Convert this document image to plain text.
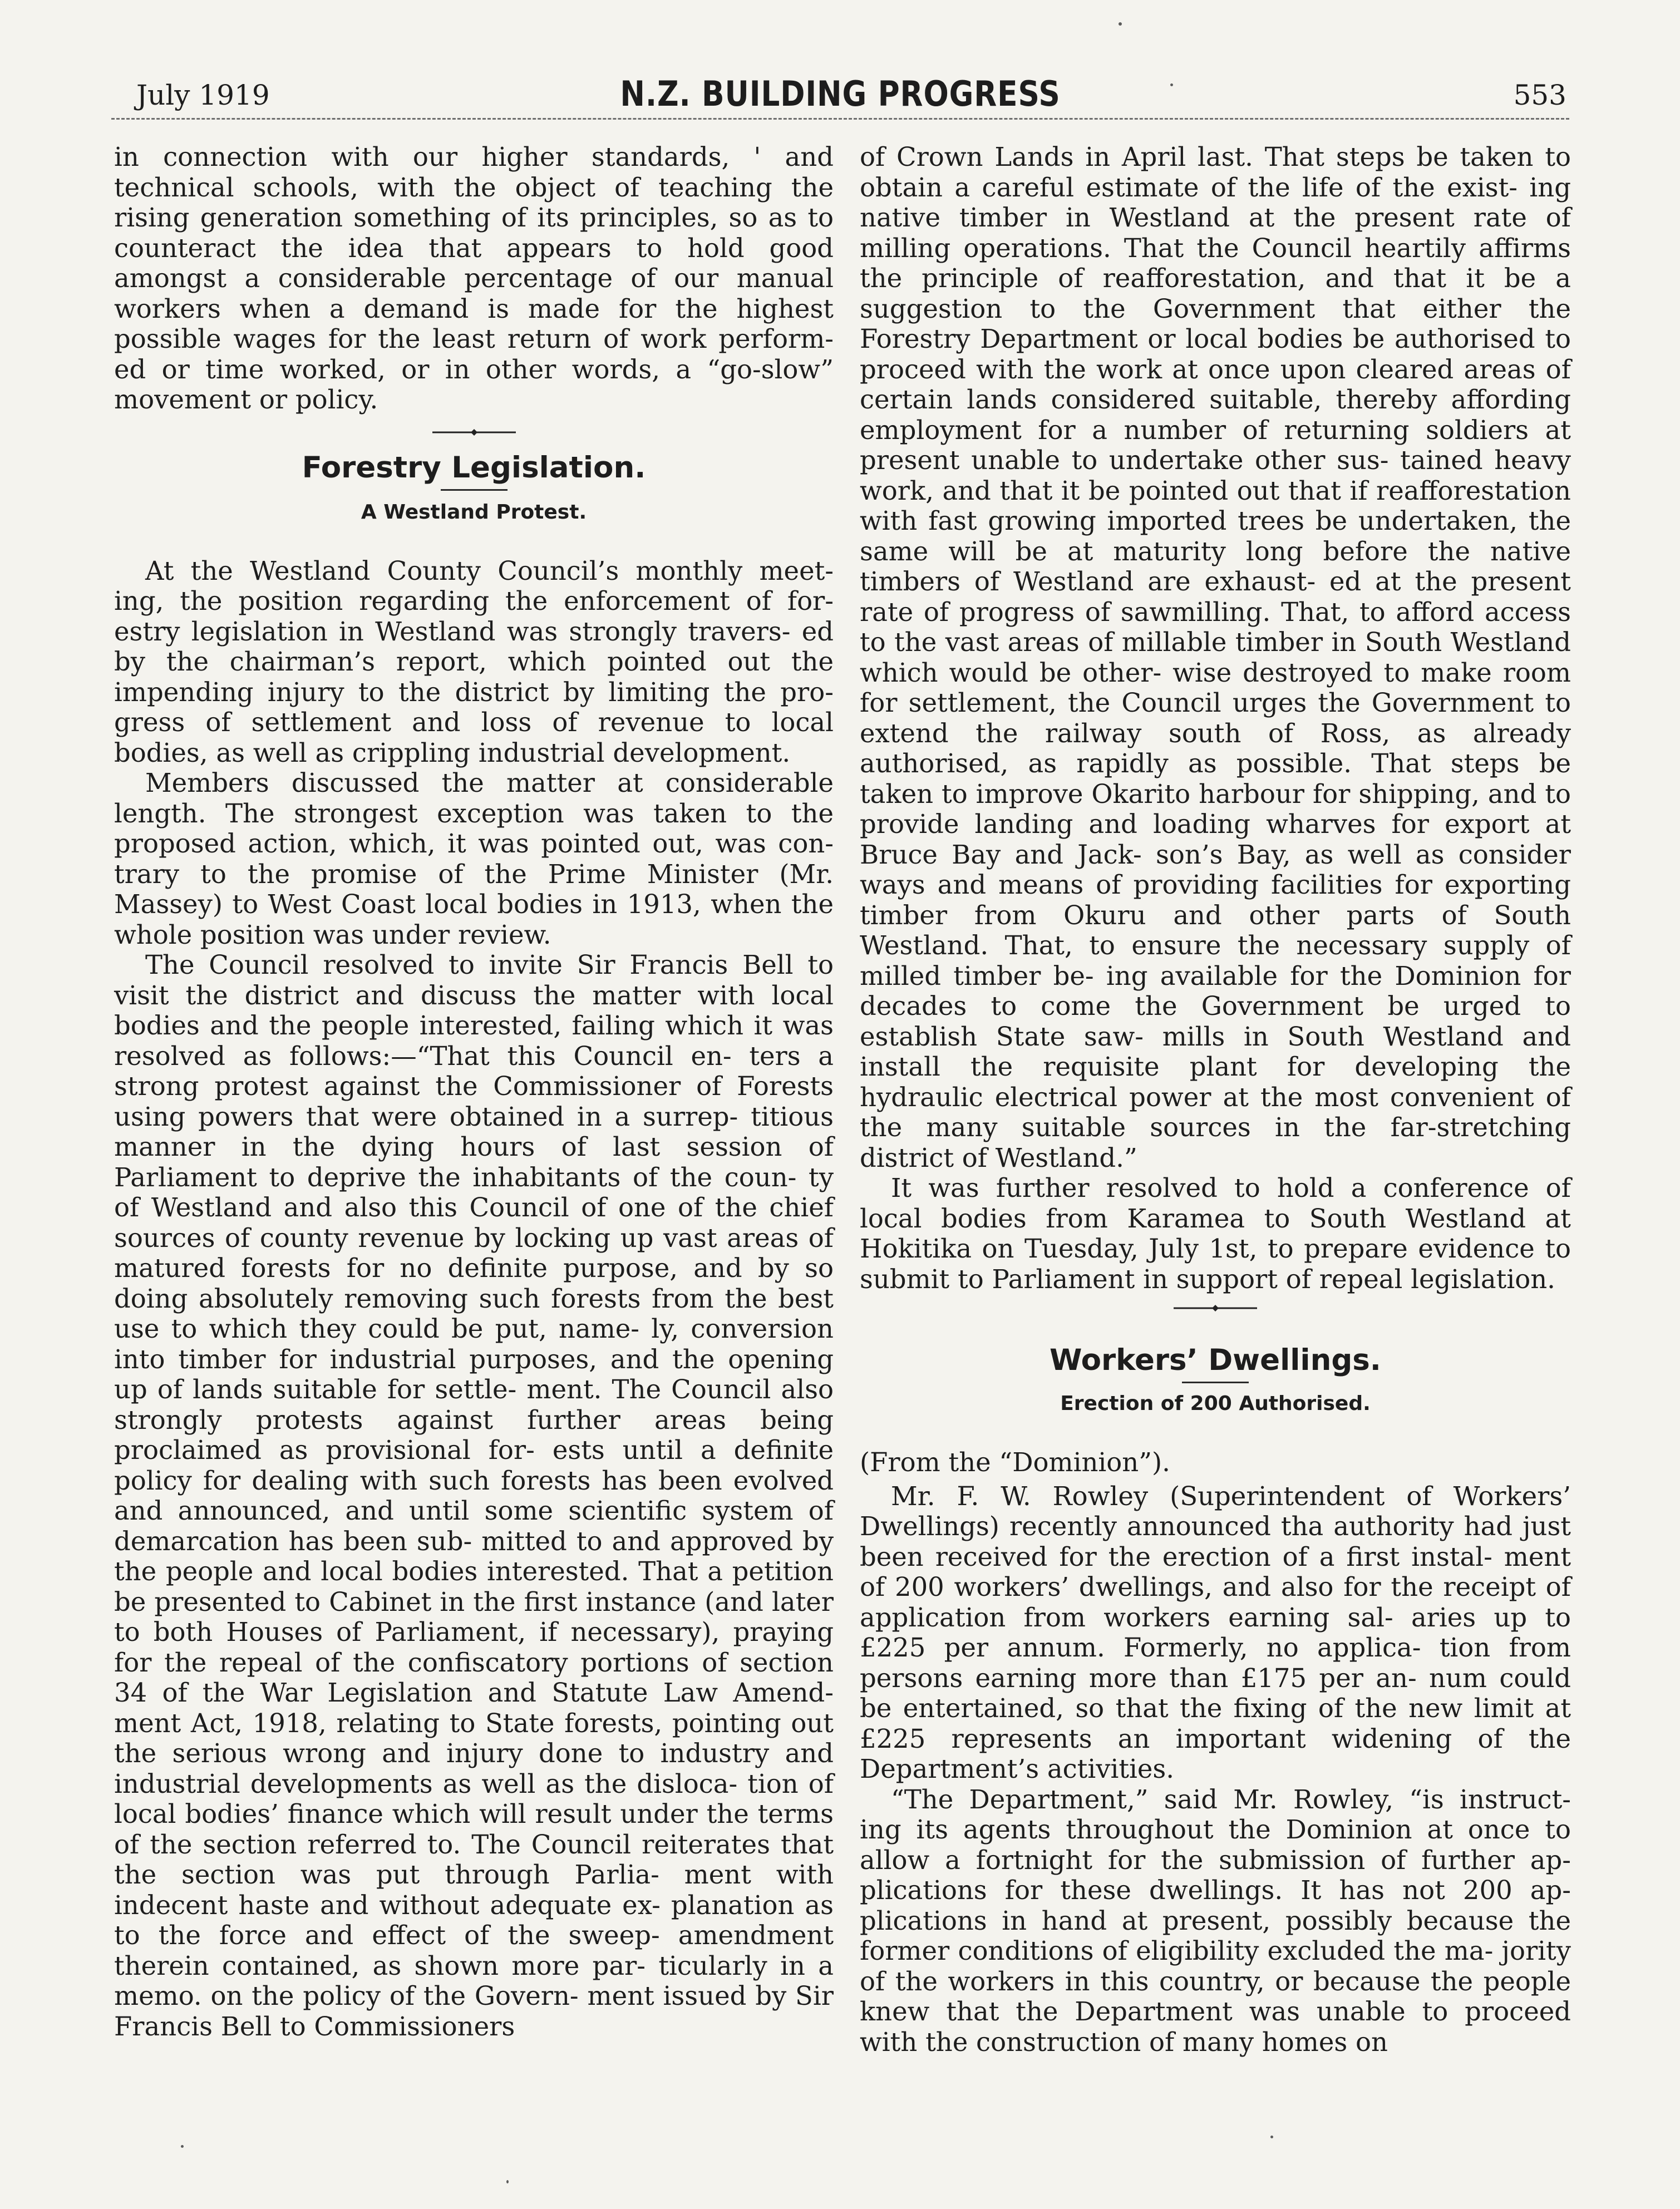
July 1919	N.Z. BUILDING PROGRESS	553

in connection with our higher standards, ' and technical schools, with the object of teaching the rising generation something of its principles, so as to counteract the idea that appears to hold good amongst a considerable percentage of our manual workers when a demand is made for the highest possible wages for the least return of work perform- ed or time worked, or in other words, a “go-slow” movement or policy.

Forestry Legislation.
A Westland Protest.

At the Westland County Council’s monthly meet- ing, the position regarding the enforcement of for- estry legislation in Westland was strongly travers- ed by the chairman’s report, which pointed out the impending injury to the district by limiting the pro- gress of settlement and loss of revenue to local bodies, as well as crippling industrial development.

Members discussed the matter at considerable length. The strongest exception was taken to the proposed action, which, it was pointed out, was con- trary to the promise of the Prime Minister (Mr. Massey) to West Coast local bodies in 1913, when the whole position was under review.

The Council resolved to invite Sir Francis Bell to visit the district and discuss the matter with local bodies and the people interested, failing which it was resolved as follows:—“That this Council en- ters a strong protest against the Commissioner of Forests using powers that were obtained in a surrep- titious manner in the dying hours of last session of Parliament to deprive the inhabitants of the coun- ty of Westland and also this Council of one of the chief sources of county revenue by locking up vast areas of matured forests for no definite purpose, and by so doing absolutely removing such forests from the best use to which they could be put, name- ly, conversion into timber for industrial purposes, and the opening up of lands suitable for settle- ment. The Council also strongly protests against further areas being proclaimed as provisional for- ests until a definite policy for dealing with such forests has been evolved and announced, and until some scientific system of demarcation has been sub- mitted to and approved by the people and local bodies interested. That a petition be presented to Cabinet in the first instance (and later to both Houses of Parliament, if necessary), praying for the repeal of the confiscatory portions of section 34 of the War Legislation and Statute Law Amend- ment Act, 1918, relating to State forests, pointing out the serious wrong and injury done to industry and industrial developments as well as the disloca- tion of local bodies’ finance which will result under the terms of the section referred to. The Council reiterates that the section was put through Parlia- ment with indecent haste and without adequate ex- planation as to the force and effect of the sweep- amendment therein contained, as shown more par- ticularly in a memo. on the policy of the Govern- ment issued by Sir Francis Bell to Commissioners

of Crown Lands in April last. That steps be taken to obtain a careful estimate of the life of the exist- ing native timber in Westland at the present rate of milling operations. That the Council heartily affirms the principle of reafforestation, and that it be a suggestion to the Government that either the Forestry Department or local bodies be authorised to proceed with the work at once upon cleared areas of certain lands considered suitable, thereby affording employment for a number of returning soldiers at present unable to undertake other sus- tained heavy work, and that it be pointed out that if reafforestation with fast growing imported trees be undertaken, the same will be at maturity long before the native timbers of Westland are exhaust- ed at the present rate of progress of sawmilling. That, to afford access to the vast areas of millable timber in South Westland which would be other- wise destroyed to make room for settlement, the Council urges the Government to extend the railway south of Ross, as already authorised, as rapidly as possible. That steps be taken to improve Okarito harbour for shipping, and to provide landing and loading wharves for export at Bruce Bay and Jack- son’s Bay, as well as consider ways and means of providing facilities for exporting timber from Okuru and other parts of South Westland. That, to ensure the necessary supply of milled timber be- ing available for the Dominion for decades to come the Government be urged to establish State saw- mills in South Westland and install the requisite plant for developing the hydraulic electrical power at the most convenient of the many suitable sources in the far-stretching district of Westland.”

It was further resolved to hold a conference of local bodies from Karamea to South Westland at Hokitika on Tuesday, July 1st, to prepare evidence to submit to Parliament in support of repeal legislation.

Workers’ Dwellings.
Erection of 200 Authorised.

(From the “Dominion”).

Mr. F. W. Rowley (Superintendent of Workers’ Dwellings) recently announced tha authority had just been received for the erection of a first instal- ment of 200 workers’ dwellings, and also for the receipt of application from workers earning sal- aries up to £225 per annum. Formerly, no applica- tion from persons earning more than £175 per an- num could be entertained, so that the fixing of the new limit at £225 represents an important widening of the Department’s activities.

“The Department,” said Mr. Rowley, “is instruct- ing its agents throughout the Dominion at once to allow a fortnight for the submission of further ap- plications for these dwellings. It has not 200 ap- plications in hand at present, possibly because the former conditions of eligibility excluded the ma- jority of the workers in this country, or because the people knew that the Department was unable to proceed with the construction of many homes on
